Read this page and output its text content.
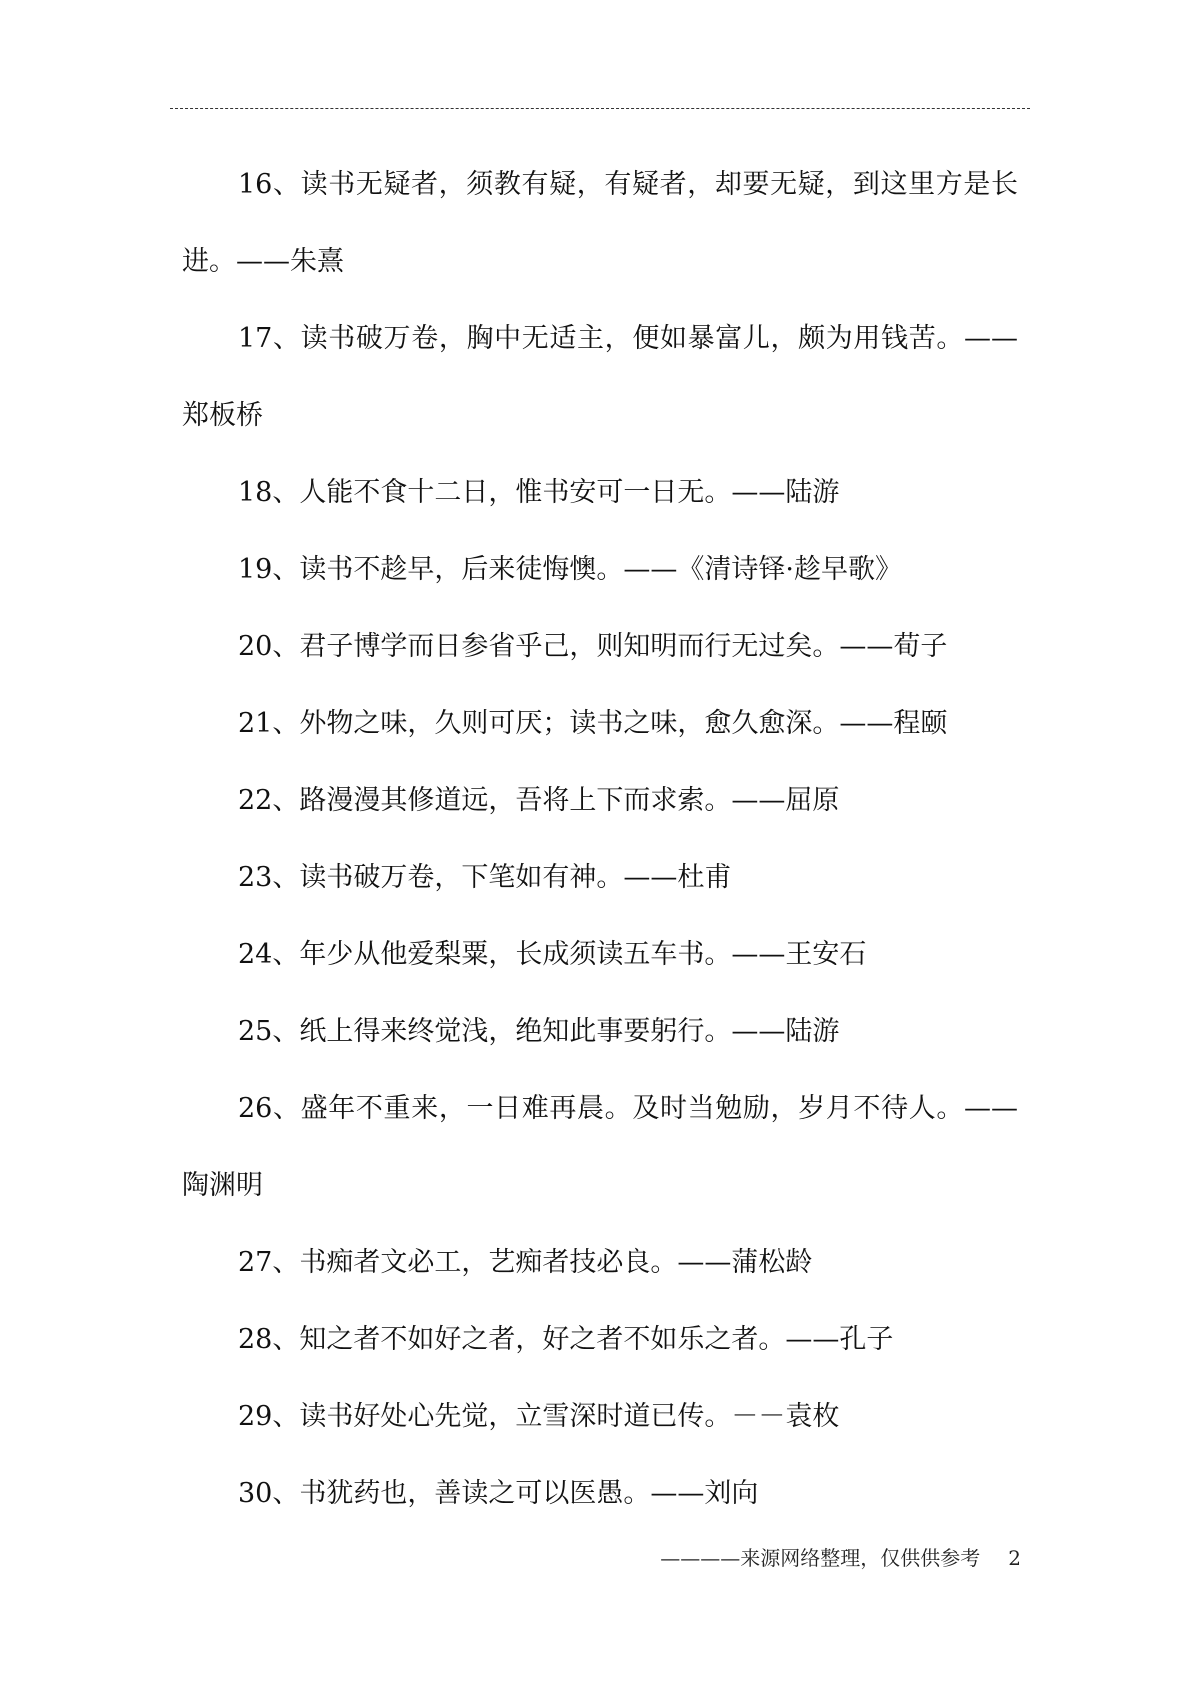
16、读书无疑者，须教有疑，有疑者，却要无疑，到这里方是长进。——朱熹

17、读书破万卷，胸中无适主，便如暴富儿，颇为用钱苦。——郑板桥

18、人能不食十二日，惟书安可一日无。——陆游

19、读书不趁早，后来徒悔懊。——《清诗铎·趁早歌》

20、君子博学而日参省乎己，则知明而行无过矣。——荀子

21、外物之味，久则可厌；读书之味，愈久愈深。——程颐

22、路漫漫其修道远，吾将上下而求索。——屈原

23、读书破万卷，下笔如有神。——杜甫

24、年少从他爱梨粟，长成须读五车书。——王安石

25、纸上得来终觉浅，绝知此事要躬行。——陆游

26、盛年不重来，一日难再晨。及时当勉励，岁月不待人。——陶渊明

27、书痴者文必工，艺痴者技必良。——蒲松龄

28、知之者不如好之者，好之者不如乐之者。——孔子

29、读书好处心先觉，立雪深时道已传。－－袁枚

30、书犹药也，善读之可以医愚。——刘向

————来源网络整理，仅供供参考 2
